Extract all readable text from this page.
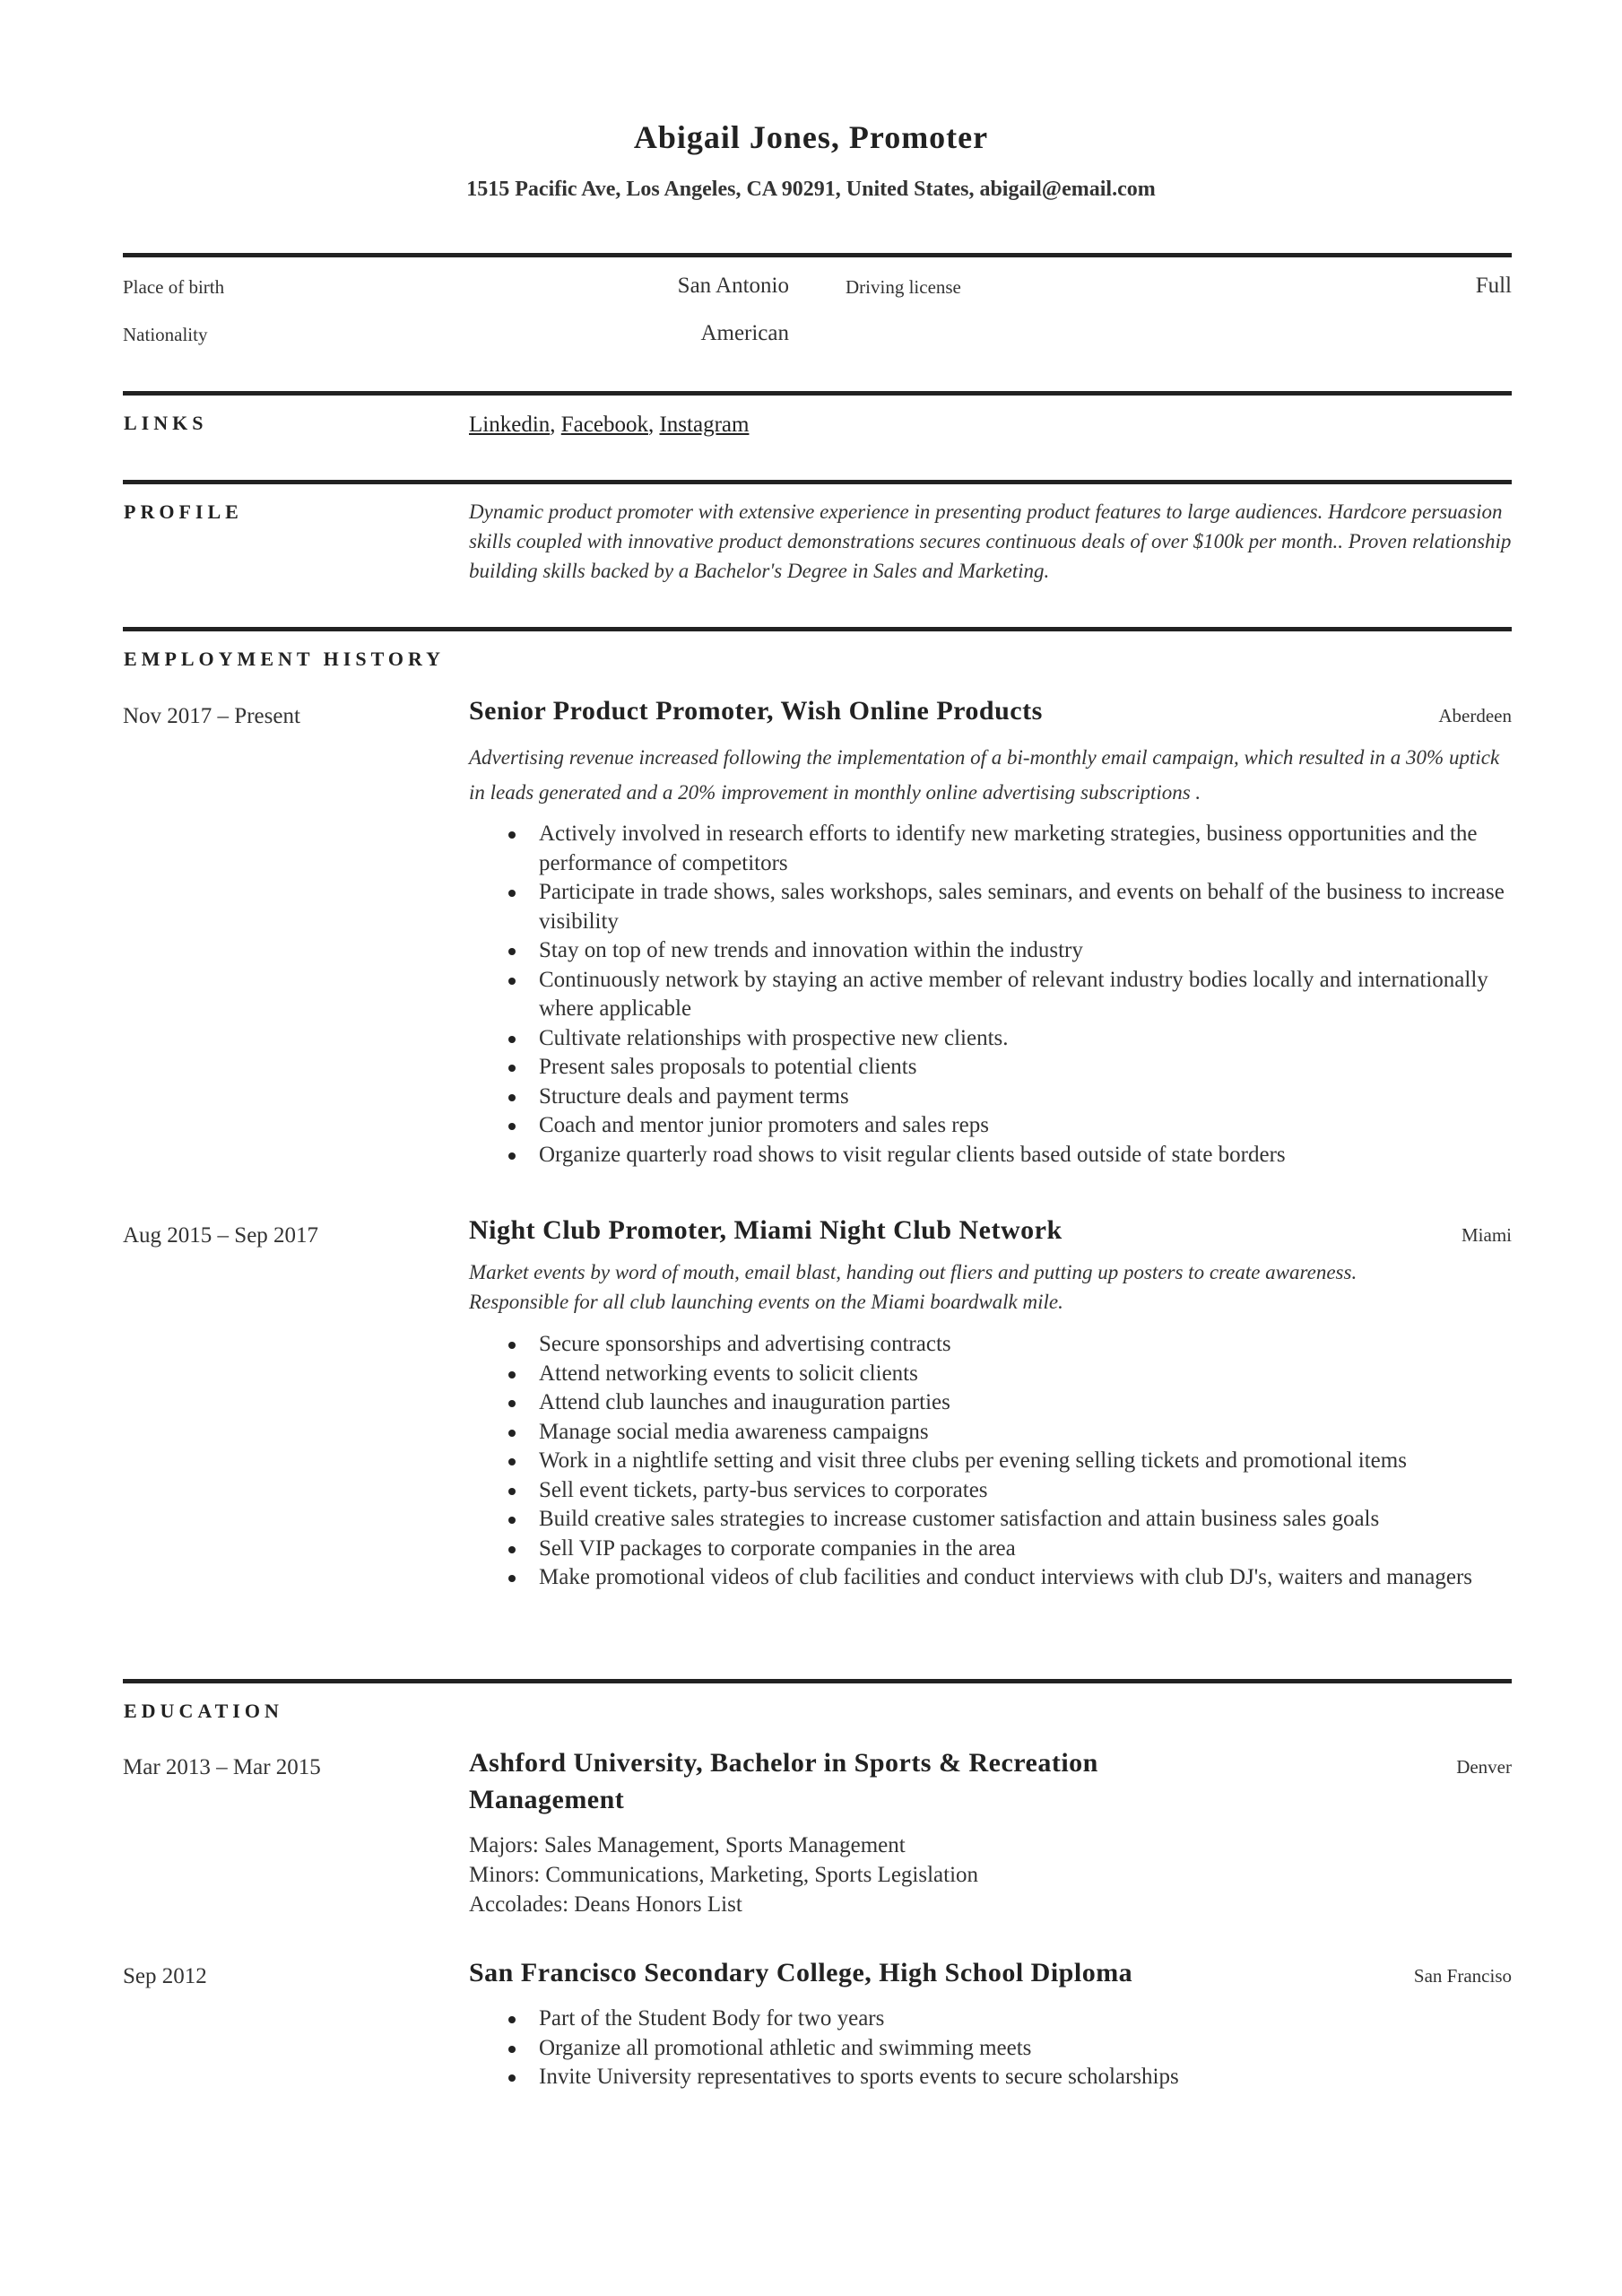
Abigail Jones, Promoter
1515 Pacific Ave, Los Angeles, CA 90291, United States, abigail@email.com
Place of birth	San Antonio	Driving license	Full
Nationality	American
LINKS	Linkedin, Facebook, Instagram
PROFILE	Dynamic product promoter with extensive experience in presenting product features to large audiences. Hardcore persuasion skills coupled with innovative product demonstrations secures continuous deals of over $100k per month.. Proven relationship building skills backed by a Bachelor's Degree in Sales and Marketing.
EMPLOYMENT HISTORY
Nov 2017 – Present	Aberdeen
Senior Product Promoter, Wish Online Products
Advertising revenue increased following the implementation of a bi-monthly email campaign, which resulted in a 30% uptick in leads generated and a 20% improvement in monthly online advertising subscriptions .
Actively involved in research efforts to identify new marketing strategies, business opportunities and the performance of competitors
Participate in trade shows, sales workshops, sales seminars, and events on behalf of the business to increase visibility
Stay on top of new trends and innovation within the industry
Continuously network by staying an active member of relevant industry bodies locally and internationally where applicable
Cultivate relationships with prospective new clients.
Present sales proposals to potential clients
Structure deals and payment terms
Coach and mentor junior promoters and sales reps
Organize quarterly road shows to visit regular clients based outside of state borders
Aug 2015 – Sep 2017	Miami
Night Club Promoter, Miami Night Club Network
Market events by word of mouth, email blast, handing out fliers and putting up posters to create awareness. Responsible for all club launching events on the Miami boardwalk mile.
Secure sponsorships and advertising contracts
Attend networking events to solicit clients
Attend club launches and inauguration parties
Manage social media awareness campaigns
Work in a nightlife setting and visit three clubs per evening selling tickets and promotional items
Sell event tickets, party-bus services to corporates
Build creative sales strategies to increase customer satisfaction and attain business sales goals
Sell VIP packages to corporate companies in the area
Make promotional videos of club facilities and conduct interviews with club DJ's, waiters and managers
EDUCATION
Mar 2013 – Mar 2015	Denver
Ashford University, Bachelor in Sports & Recreation Management
Majors: Sales Management, Sports Management
Minors: Communications, Marketing, Sports Legislation
Accolades: Deans Honors List
Sep 2012	San Franciso
San Francisco Secondary College, High School Diploma
Part of the Student Body for two years
Organize all promotional athletic and swimming meets
Invite University representatives to sports events to secure scholarships
